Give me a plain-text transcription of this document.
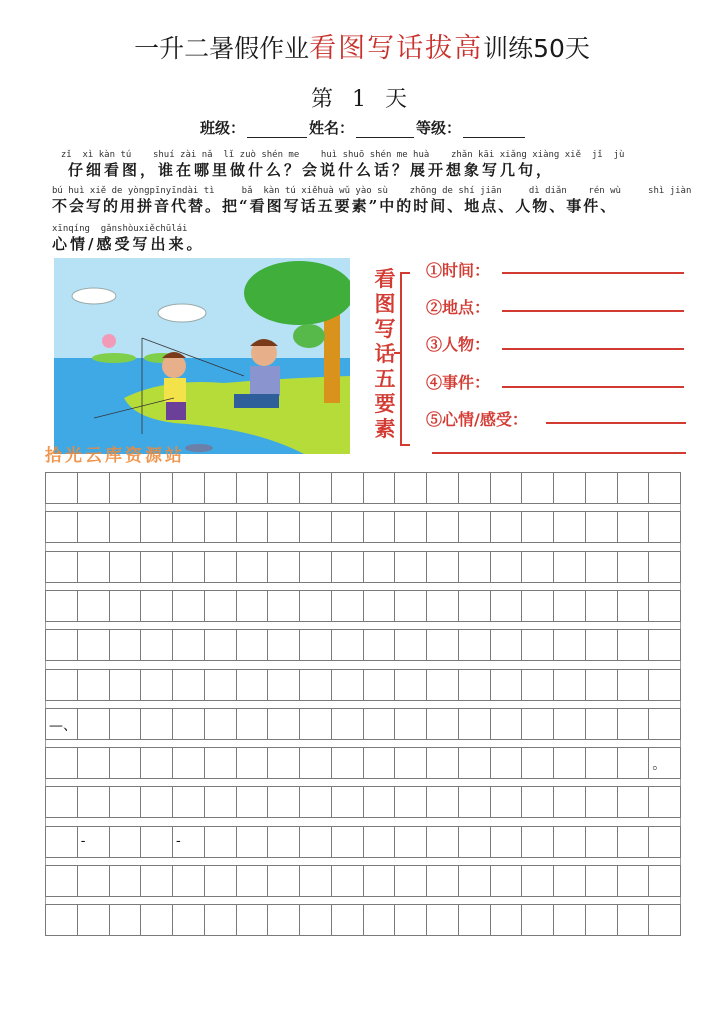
一升二暑假作业看图写话拔高训练50天
第 1 天
班级：	姓名：	等级：
zǐ  xì kàn tú    shuí zài nǎ  lǐ zuò shén me    huì shuō shén me huà    zhǎn kāi xiǎng xiàng xiě  jǐ  jù
　仔细看图，谁在哪里做什么？会说什么话？展开想象写几句，
bú huì xiě de yòngpīnyīndài tì     bǎ  kàn tú xiěhuà wǔ yào sù    zhōng de shí jiān     dì diǎn    rén wù     shì jiàn
不会写的用拼音代替。把“看图写话五要素”中的时间、地点、人物、事件、
xīnqíng  gǎnshòuxiěchūlái
心情/感受写出来。
拾光云库资源站
看
图
写
话
五
要
素
①时间：
②地点：
③人物：
④事件：
⑤心情/感受：
—、
。
-	-
